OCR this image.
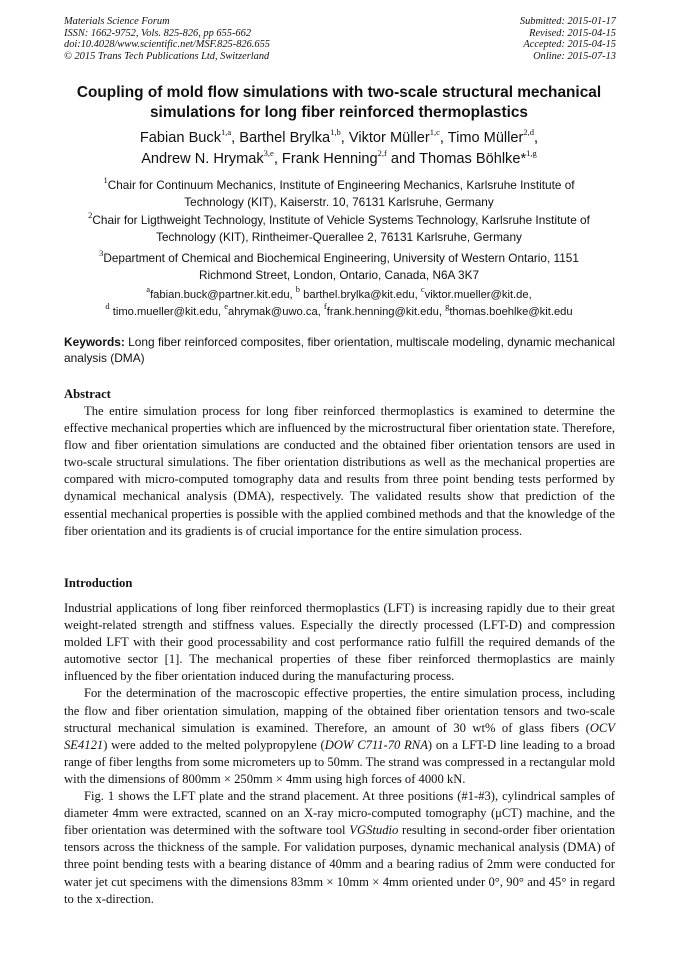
Materials Science Forum
ISSN: 1662-9752, Vols. 825-826, pp 655-662
doi:10.4028/www.scientific.net/MSF.825-826.655
© 2015 Trans Tech Publications Ltd, Switzerland
Submitted: 2015-01-17
Revised: 2015-04-15
Accepted: 2015-04-15
Online: 2015-07-13
Coupling of mold flow simulations with two-scale structural mechanical
simulations for long fiber reinforced thermoplastics
Fabian Buck$^{1,a}$, Barthel Brylka$^{1,b}$, Viktor Müller$^{1,c}$, Timo Müller$^{2,d}$,
Andrew N. Hrymak$^{3,e}$, Frank Henning$^{2,f}$ and Thomas Böhlke*$^{1,g}$
$^1$Chair for Continuum Mechanics, Institute of Engineering Mechanics, Karlsruhe Institute of
Technology (KIT), Kaiserstr. 10, 76131 Karlsruhe, Germany
$^2$Chair for Ligthweight Technology, Institute of Vehicle Systems Technology, Karlsruhe Institute of
Technology (KIT), Rintheimer-Querallee 2, 76131 Karlsruhe, Germany
$^3$Department of Chemical and Biochemical Engineering, University of Western Ontario, 1151
Richmond Street, London, Ontario, Canada, N6A 3K7
$^a$fabian.buck@partner.kit.edu, $^b$ barthel.brylka@kit.edu, $^c$viktor.mueller@kit.de,
$^d$ timo.mueller@kit.edu, $^e$ahrymak@uwo.ca, $^f$frank.henning@kit.edu, $^g$thomas.boehlke@kit.edu
Keywords: Long fiber reinforced composites, fiber orientation, multiscale modeling, dynamic mechanical analysis (DMA)
Abstract

The entire simulation process for long fiber reinforced thermoplastics is examined to determine the effective mechanical properties which are influenced by the microstructural fiber orientation state. Therefore, flow and fiber orientation simulations are conducted and the obtained fiber orientation tensors are used in two-scale structural simulations. The fiber orientation distributions as well as the mechanical properties are compared with micro-computed tomography data and results from three point bending tests performed by dynamical mechanical analysis (DMA), respectively. The validated results show that prediction of the essential mechanical properties is possible with the applied combined methods and that the knowledge of the fiber orientation and its gradients is of crucial importance for the entire simulation process.

Introduction

Industrial applications of long fiber reinforced thermoplastics (LFT) is increasing rapidly due to their great weight-related strength and stiffness values. Especially the directly processed (LFT-D) and compression molded LFT with their good processability and cost performance ratio fulfill the required demands of the automotive sector [1]. The mechanical properties of these fiber reinforced thermoplastics are mainly influenced by the fiber orientation induced during the manufacturing process.

For the determination of the macroscopic effective properties, the entire simulation process, including the flow and fiber orientation simulation, mapping of the obtained fiber orientation tensors and two-scale structural mechanical simulation is examined. Therefore, an amount of 30 wt% of glass fibers (OCV SE4121) were added to the melted polypropylene (DOW C711-70 RNA) on a LFT-D line leading to a broad range of fiber lengths from some micrometers up to 50mm. The strand was compressed in a rectangular mold with the dimensions of 800mm × 250mm × 4mm using high forces of 4000 kN.

Fig. 1 shows the LFT plate and the strand placement. At three positions (#1-#3), cylindrical samples of diameter 4mm were extracted, scanned on an X-ray micro-computed tomography (μCT) machine, and the fiber orientation was determined with the software tool VGStudio resulting in second-order fiber orientation tensors across the thickness of the sample. For validation purposes, dynamic mechanical analysis (DMA) of three point bending tests with a bearing distance of 40mm and a bearing radius of 2mm were conducted for water jet cut specimens with the dimensions 83mm × 10mm × 4mm oriented under 0°, 90° and 45° in regard to the x-direction.
